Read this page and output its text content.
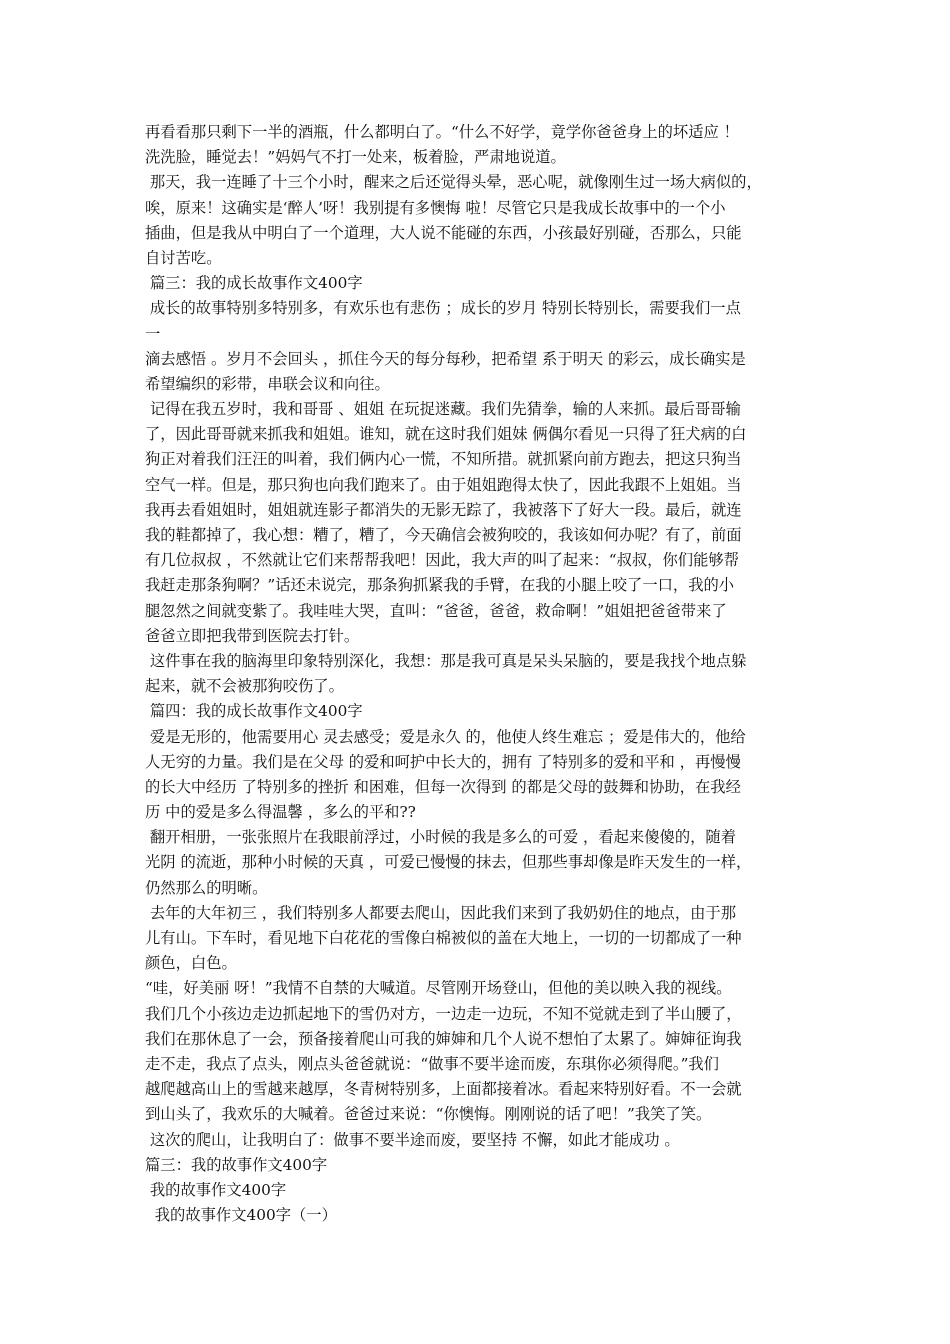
再看看那只剩下一半的酒瓶，什么都明白了。“什么不好学，竟学你爸爸身上的坏适应 ！
洗洗脸，睡觉去！”妈妈气不打一处来，板着脸，严肃地说道。
那天，我一连睡了十三个小时，醒来之后还觉得头晕，恶心呢，就像刚生过一场大病似的，
唉，原来！这确实是‘醉人’呀！我别提有多懊悔 啦！尽管它只是我成长故事中的一个小
插曲，但是我从中明白了一个道理，大人说不能碰的东西，小孩最好别碰，否那么，只能
自讨苦吃。
篇三：我的成长故事作文400字
成长的故事特别多特别多，有欢乐也有悲伤 ；成长的岁月 特别长特别长，需要我们一点
一
滴去感悟 。岁月不会回头 ，抓住今天的每分每秒，把希望 系于明天 的彩云，成长确实是
希望编织的彩带，串联会议和向往。
记得在我五岁时，我和哥哥 、姐姐 在玩捉迷藏。我们先猜拳，输的人来抓。最后哥哥输
了，因此哥哥就来抓我和姐姐。谁知，就在这时我们姐妹 俩偶尔看见一只得了狂犬病的白
狗正对着我们汪汪的叫着，我们俩内心一慌，不知所措。就抓紧向前方跑去，把这只狗当
空气一样。但是，那只狗也向我们跑来了。由于姐姐跑得太快了，因此我跟不上姐姐。当
我再去看姐姐时，姐姐就连影子都消失的无影无踪了，我被落下了好大一段。最后，就连
我的鞋都掉了，我心想：糟了，糟了，今天确信会被狗咬的，我该如何办呢？有了，前面
有几位叔叔 ，不然就让它们来帮帮我吧！因此，我大声的叫了起来：“叔叔，你们能够帮
我赶走那条狗啊？”话还未说完，那条狗抓紧我的手臂，在我的小腿上咬了一口，我的小
腿忽然之间就变紫了。我哇哇大哭，直叫：“爸爸，爸爸，救命啊！”姐姐把爸爸带来了
爸爸立即把我带到医院去打针。
这件事在我的脑海里印象特别深化，我想：那是我可真是呆头呆脑的，要是我找个地点躲
起来，就不会被那狗咬伤了。
篇四：我的成长故事作文400字
爱是无形的，他需要用心 灵去感受；爱是永久 的，他使人终生难忘 ；爱是伟大的，他给
人无穷的力量。我们是在父母 的爱和呵护中长大的，拥有 了特别多的爱和平和 ，再慢慢
的长大中经历 了特别多的挫折 和困难，但每一次得到 的都是父母的鼓舞和协助，在我经
历 中的爱是多么得温馨 ，多么的平和??
翻开相册，一张张照片在我眼前浮过，小时候的我是多么的可爱 ，看起来傻傻的，随着
光阴 的流逝，那种小时候的天真 ，可爱已慢慢的抹去，但那些事却像是昨天发生的一样，
仍然那么的明晰。
去年的大年初三 ，我们特别多人都要去爬山，因此我们来到了我奶奶住的地点，由于那
儿有山。下车时，看见地下白花花的雪像白棉被似的盖在大地上，一切的一切都成了一种
颜色，白色。
“哇，好美丽 呀！”我情不自禁的大喊道。尽管刚开场登山，但他的美以映入我的视线。
我们几个小孩边走边抓起地下的雪仍对方，一边走一边玩，不知不觉就走到了半山腰了，
我们在那休息了一会，预备接着爬山可我的婶婶和几个人说不想怕了太累了。婶婶征询我
走不走，我点了点头，刚点头爸爸就说：“做事不要半途而废，东琪你必须得爬。”我们
越爬越高山上的雪越来越厚，冬青树特别多，上面都接着冰。看起来特别好看。不一会就
到山头了，我欢乐的大喊着。爸爸过来说：“你懊悔。刚刚说的话了吧！”我笑了笑。
这次的爬山，让我明白了：做事不要半途而废，要坚持 不懈，如此才能成功 。
篇三：我的故事作文400字
我的故事作文400字
我的故事作文400字（一）
